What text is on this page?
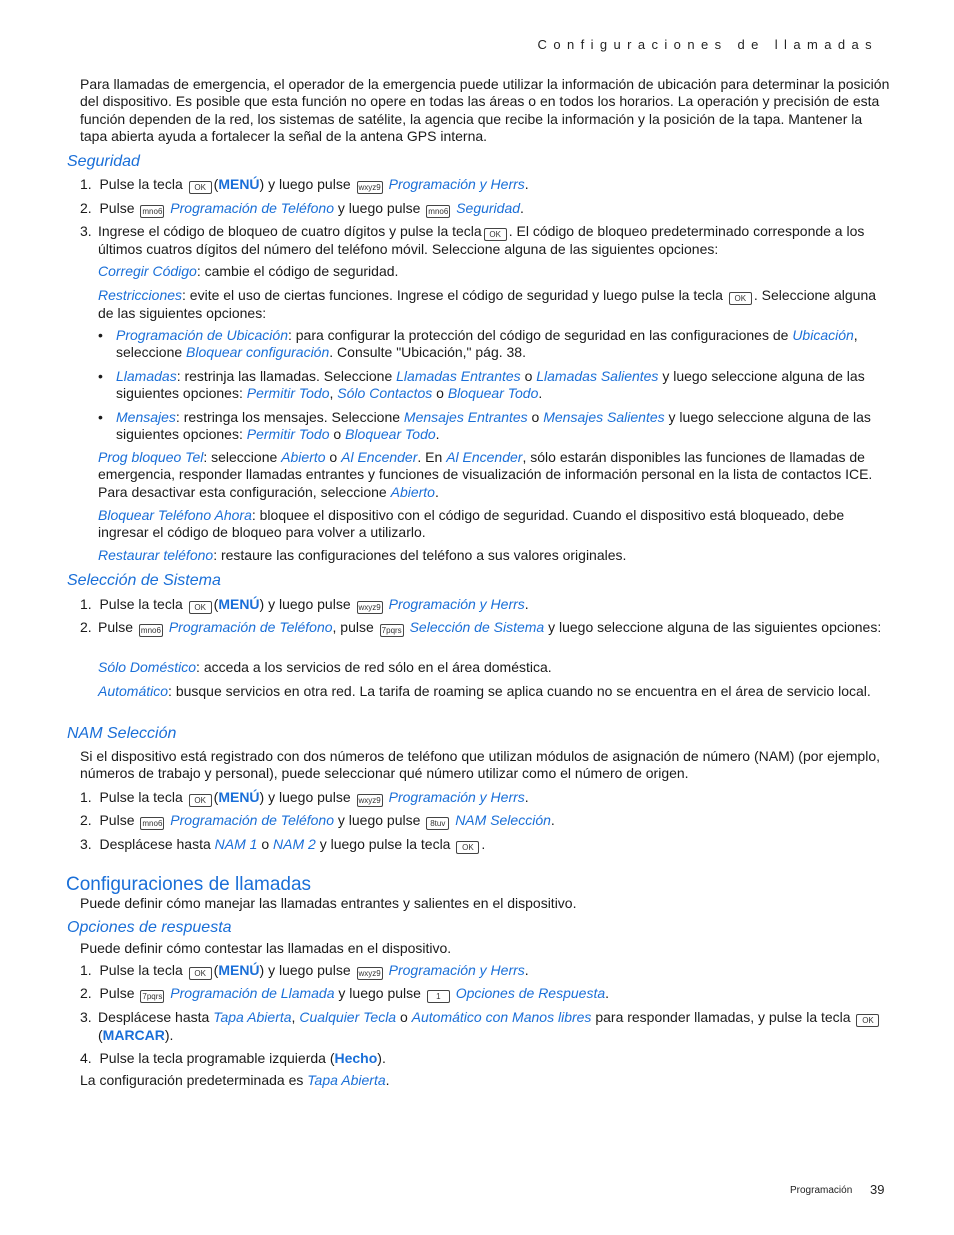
Configuraciones de llamadas
Para llamadas de emergencia, el operador de la emergencia puede utilizar la información de ubicación para determinar la posición del dispositivo. Es posible que esta función no opere en todas las áreas o en todos los horarios. La operación y precisión de esta función dependen de la red, los sistemas de satélite, la agencia que recibe la información y la posición de la tapa. Mantener la tapa abierta ayuda a fortalecer la señal de la antena GPS interna.
Seguridad
1. Pulse la tecla OK (MENÚ) y luego pulse wxyz9 Programación y Herrs.
2. Pulse mno6 Programación de Teléfono y luego pulse mno6 Seguridad.
3. Ingrese el código de bloqueo de cuatro dígitos y pulse la tecla OK . El código de bloqueo predeterminado corresponde a los últimos cuatros dígitos del número del teléfono móvil. Seleccione alguna de las siguientes opciones:
Corregir Código: cambie el código de seguridad.
Restricciones: evite el uso de ciertas funciones. Ingrese el código de seguridad y luego pulse la tecla OK . Seleccione alguna de las siguientes opciones:
• Programación de Ubicación: para configurar la protección del código de seguridad en las configuraciones de Ubicación, seleccione Bloquear configuración. Consulte "Ubicación," pág. 38.
• Llamadas: restrinja las llamadas. Seleccione Llamadas Entrantes o Llamadas Salientes y luego seleccione alguna de las siguientes opciones: Permitir Todo, Sólo Contactos o Bloquear Todo.
• Mensajes: restringa los mensajes. Seleccione Mensajes Entrantes o Mensajes Salientes y luego seleccione alguna de las siguientes opciones: Permitir Todo o Bloquear Todo.
Prog bloqueo Tel: seleccione Abierto o Al Encender. En Al Encender, sólo estarán disponibles las funciones de llamadas de emergencia, responder llamadas entrantes y funciones de visualización de información personal en la lista de contactos ICE. Para desactivar esta configuración, seleccione Abierto.
Bloquear Teléfono Ahora: bloquee el dispositivo con el código de seguridad. Cuando el dispositivo está bloqueado, debe ingresar el código de bloqueo para volver a utilizarlo.
Restaurar teléfono: restaure las configuraciones del teléfono a sus valores originales.
Selección de Sistema
1. Pulse la tecla OK (MENÚ) y luego pulse wxyz9 Programación y Herrs.
2. Pulse mno6 Programación de Teléfono, pulse 7pqrs Selección de Sistema y luego seleccione alguna de las siguientes opciones:
Sólo Doméstico: acceda a los servicios de red sólo en el área doméstica.
Automático: busque servicios en otra red. La tarifa de roaming se aplica cuando no se encuentra en el área de servicio local.
NAM Selección
Si el dispositivo está registrado con dos números de teléfono que utilizan módulos de asignación de número (NAM) (por ejemplo, números de trabajo y personal), puede seleccionar qué número utilizar como el número de origen.
1. Pulse la tecla OK (MENÚ) y luego pulse wxyz9 Programación y Herrs.
2. Pulse mno6 Programación de Teléfono y luego pulse 8tuv NAM Selección.
3. Desplácese hasta NAM 1 o NAM 2 y luego pulse la tecla OK .
Configuraciones de llamadas
Puede definir cómo manejar las llamadas entrantes y salientes en el dispositivo.
Opciones de respuesta
Puede definir cómo contestar las llamadas en el dispositivo.
1. Pulse la tecla OK (MENÚ) y luego pulse wxyz9 Programación y Herrs.
2. Pulse 7pqrs Programación de Llamada y luego pulse 1 Opciones de Respuesta.
3. Desplácese hasta Tapa Abierta, Cualquier Tecla o Automático con Manos libres para responder llamadas, y pulse la tecla OK(MARCAR).
4. Pulse la tecla programable izquierda (Hecho).
La configuración predeterminada es Tapa Abierta.
Programación 39
